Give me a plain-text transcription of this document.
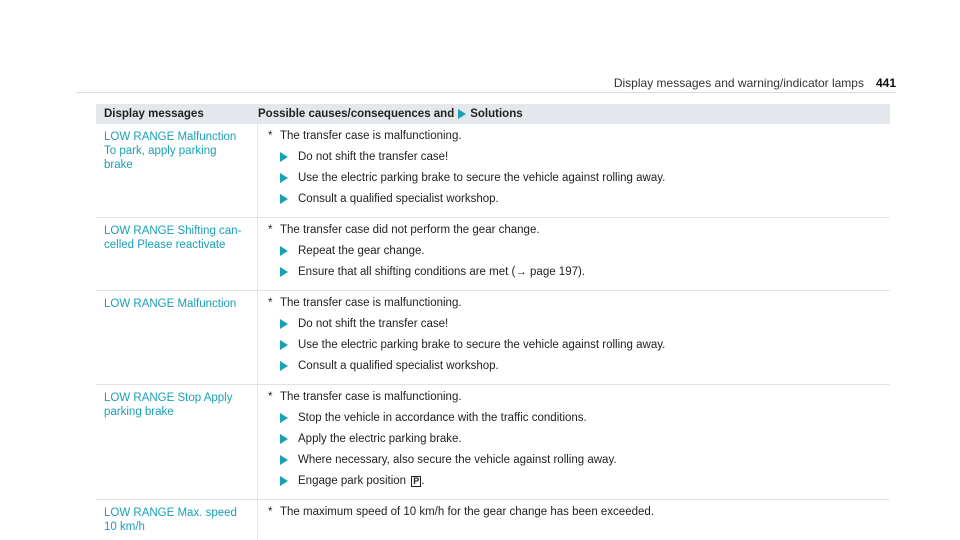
Display messages and warning/indicator lamps 441
Display messages	Possible causes/consequences and Solutions
LOW RANGE Malfunction
To park, apply parking
brake
* The transfer case is malfunctioning.
Do not shift the transfer case!
Use the electric parking brake to secure the vehicle against rolling away.
Consult a qualified specialist workshop.
LOW RANGE Shifting can-
celled Please reactivate
* The transfer case did not perform the gear change.
Repeat the gear change.
Ensure that all shifting conditions are met (→ page 197).
LOW RANGE Malfunction	* The transfer case is malfunctioning.
Do not shift the transfer case!
Use the electric parking brake to secure the vehicle against rolling away.
Consult a qualified specialist workshop.
LOW RANGE Stop Apply
parking brake
* The transfer case is malfunctioning.
Stop the vehicle in accordance with the traffic conditions.
Apply the electric parking brake.
Where necessary, also secure the vehicle against rolling away.
Engage park position P .
LOW RANGE Max. speed
10 km/h
* The maximum speed of 10 km/h for the gear change has been exceeded.
